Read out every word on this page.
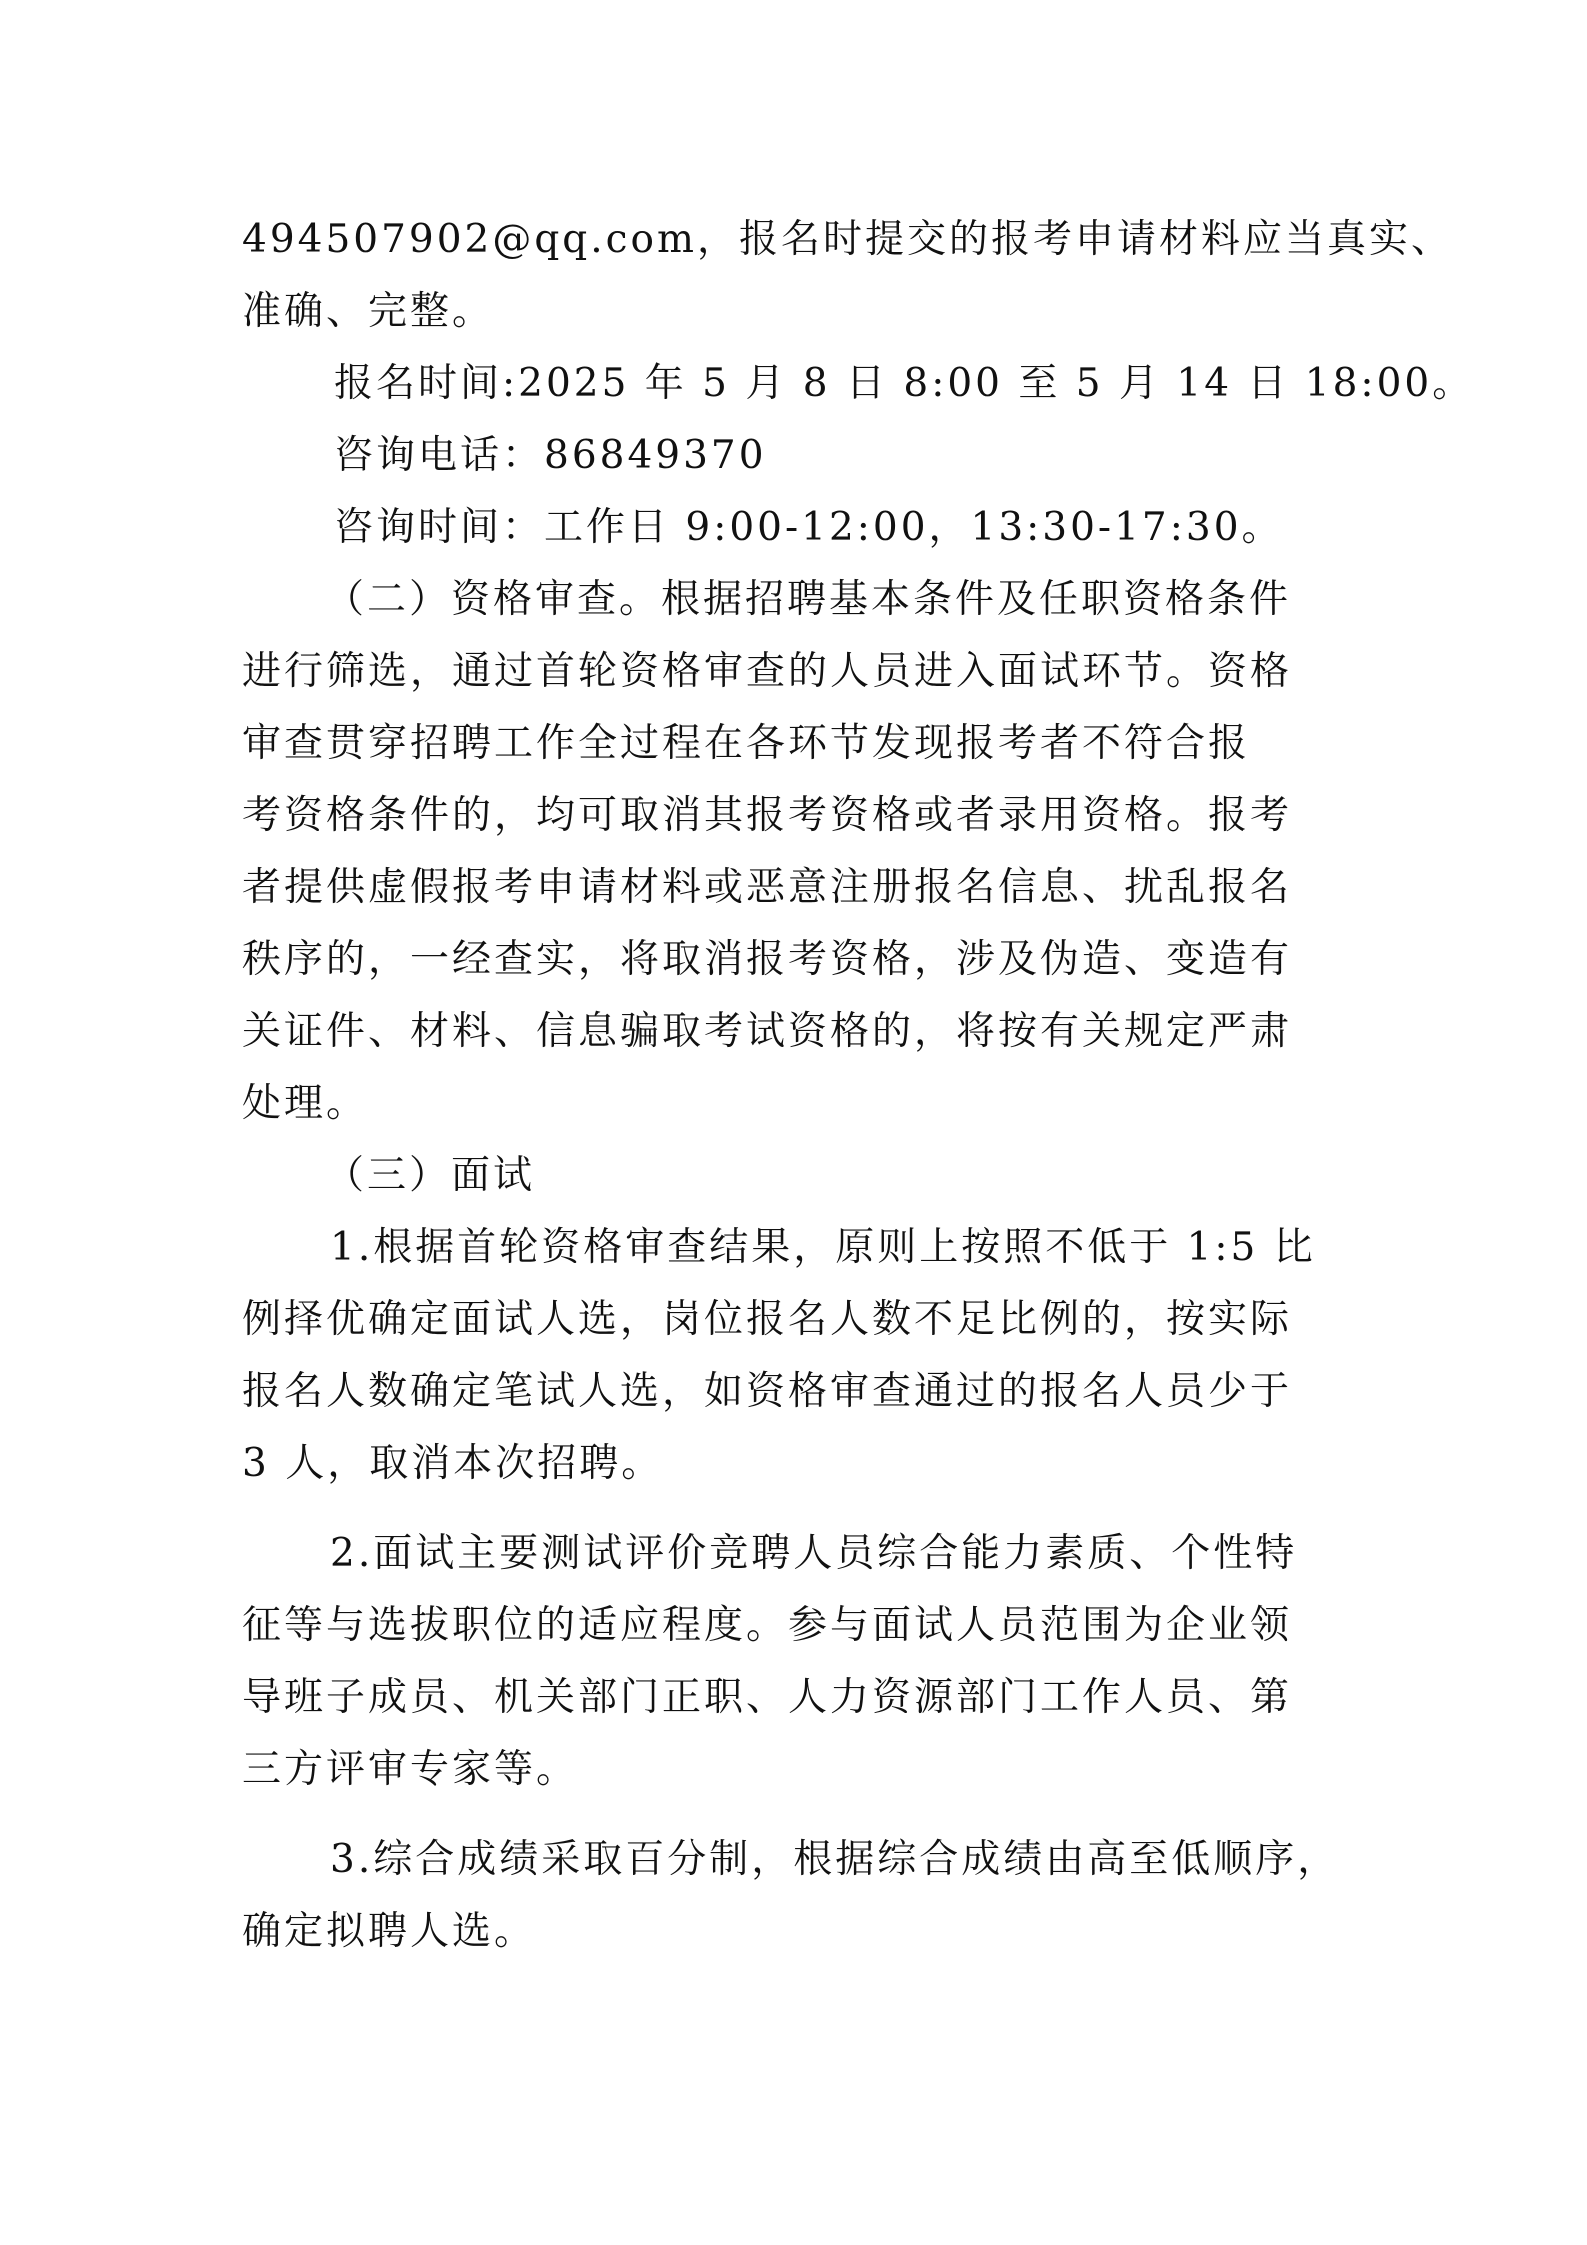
494507902@qq.com，报名时提交的报考申请材料应当真实、
准确、完整。
报名时间:2025 年 5 月 8 日 8:00 至 5 月 14 日 18:00。
咨询电话：86849370
咨询时间：工作日 9:00-12:00，13:30-17:30。
（二）资格审查。根据招聘基本条件及任职资格条件
进行筛选，通过首轮资格审查的人员进入面试环节。资格
审查贯穿招聘工作全过程在各环节发现报考者不符合报
考资格条件的，均可取消其报考资格或者录用资格。报考
者提供虚假报考申请材料或恶意注册报名信息、扰乱报名
秩序的，一经查实，将取消报考资格，涉及伪造、变造有
关证件、材料、信息骗取考试资格的，将按有关规定严肃
处理。
（三）面试
1.根据首轮资格审查结果，原则上按照不低于 1:5 比
例择优确定面试人选，岗位报名人数不足比例的，按实际
报名人数确定笔试人选，如资格审查通过的报名人员少于
3 人，取消本次招聘。
2.面试主要测试评价竞聘人员综合能力素质、个性特
征等与选拔职位的适应程度。参与面试人员范围为企业领
导班子成员、机关部门正职、人力资源部门工作人员、第
三方评审专家等。
3.综合成绩采取百分制，根据综合成绩由高至低顺序，
确定拟聘人选。
